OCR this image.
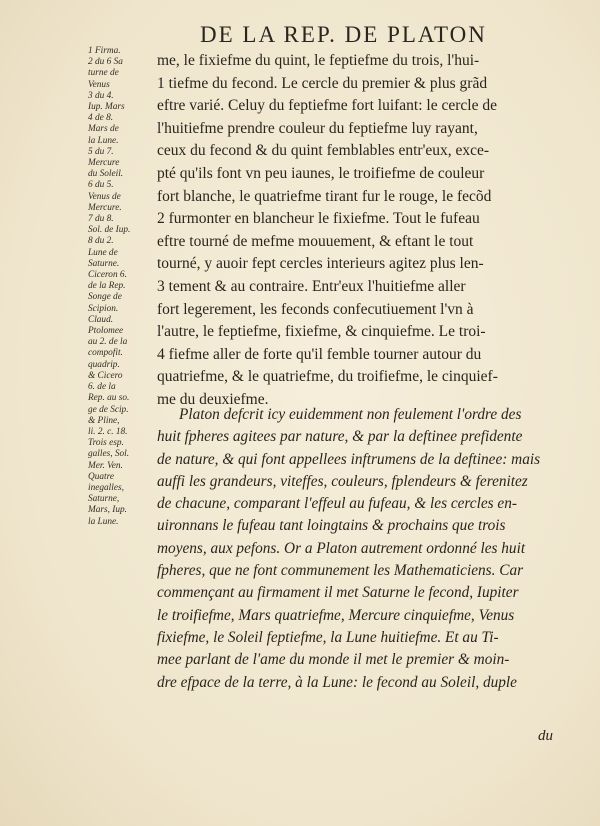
DE LA REP. DE PLATON
1 Firma.
2 du 6 Sa
turne de
Venus
3 du 4.
Iup. Mars
4 de 8.
Mars de
la Lune.
5 du 7.
Mercure
du Soleil.
6 du 5.
Venus de
Mercure.
7 du 8.
Sol. de Iup.
8 du 2.
Lune de
Saturne.
Ciceron 6.
de la Rep.
Songe de
Scipion.
Claud.
Ptolomee
au 2. de la
compofit.
quadrip.
& Cicero
6. de la
Rep. au so.
ge de Scip.
& Pline,
li. 2. c. 18.
Trois esp.
galles, Sol.
Mer. Ven.
Quatre
inegalles,
Saturne,
Mars, Iup.
la Lune.
me, le fixiefme du quint, le feptiefme du trois, l'hui-
1 tiefme du fecond. Le cercle du premier & plus grãd
eftre varié. Celuy du feptiefme fort luifant: le cercle de
l'huitiefme prendre couleur du feptiefme luy rayant,
ceux du fecond & du quint femblables entr'eux, exce-
pté qu'ils font vn peu iaunes, le troifiefme de couleur
fort blanche, le quatriefme tirant fur le rouge, le fecõd
2 furmonter en blancheur le fixiefme. Tout le fufeau
eftre tourné de mefme mouuement, & eftant le tout
tourné, y auoir fept cercles interieurs agitez plus len-
3 tement & au contraire. Entr'eux l'huitiefme aller
fort legerement, les feconds confecutiuement l'vn à
l'autre, le feptiefme, fixiefme, & cinquiefme. Le troi-
4 fiefme aller de forte qu'il femble tourner autour du
quatriefme, & le quatriefme, du troifiefme, le cinquief-
me du deuxiefme.
Platon defcrit icy euidemment non feulement l'ordre des
huit fpheres agitees par nature, & par la deftinee prefidente
de nature, & qui font appellees inftrumens de la deftinee: mais
auffi les grandeurs, viteffes, couleurs, fplendeurs & ferenitez
de chacune, comparant l'effeul au fufeau, & les cercles en-
uironnans le fufeau tant loingtains & prochains que trois
moyens, aux pefons. Or a Platon autrement ordonné les huit
fpheres, que ne font communement les Mathematiciens. Car
commençant au firmament il met Saturne le fecond, Iupiter
le troifiefme, Mars quatriefme, Mercure cinquiefme, Venus
fixiefme, le Soleil feptiefme, la Lune huitiefme. Et au Ti-
mee parlant de l'ame du monde il met le premier & moin-
dre efpace de la terre, à la Lune: le fecond au Soleil, duple
du
